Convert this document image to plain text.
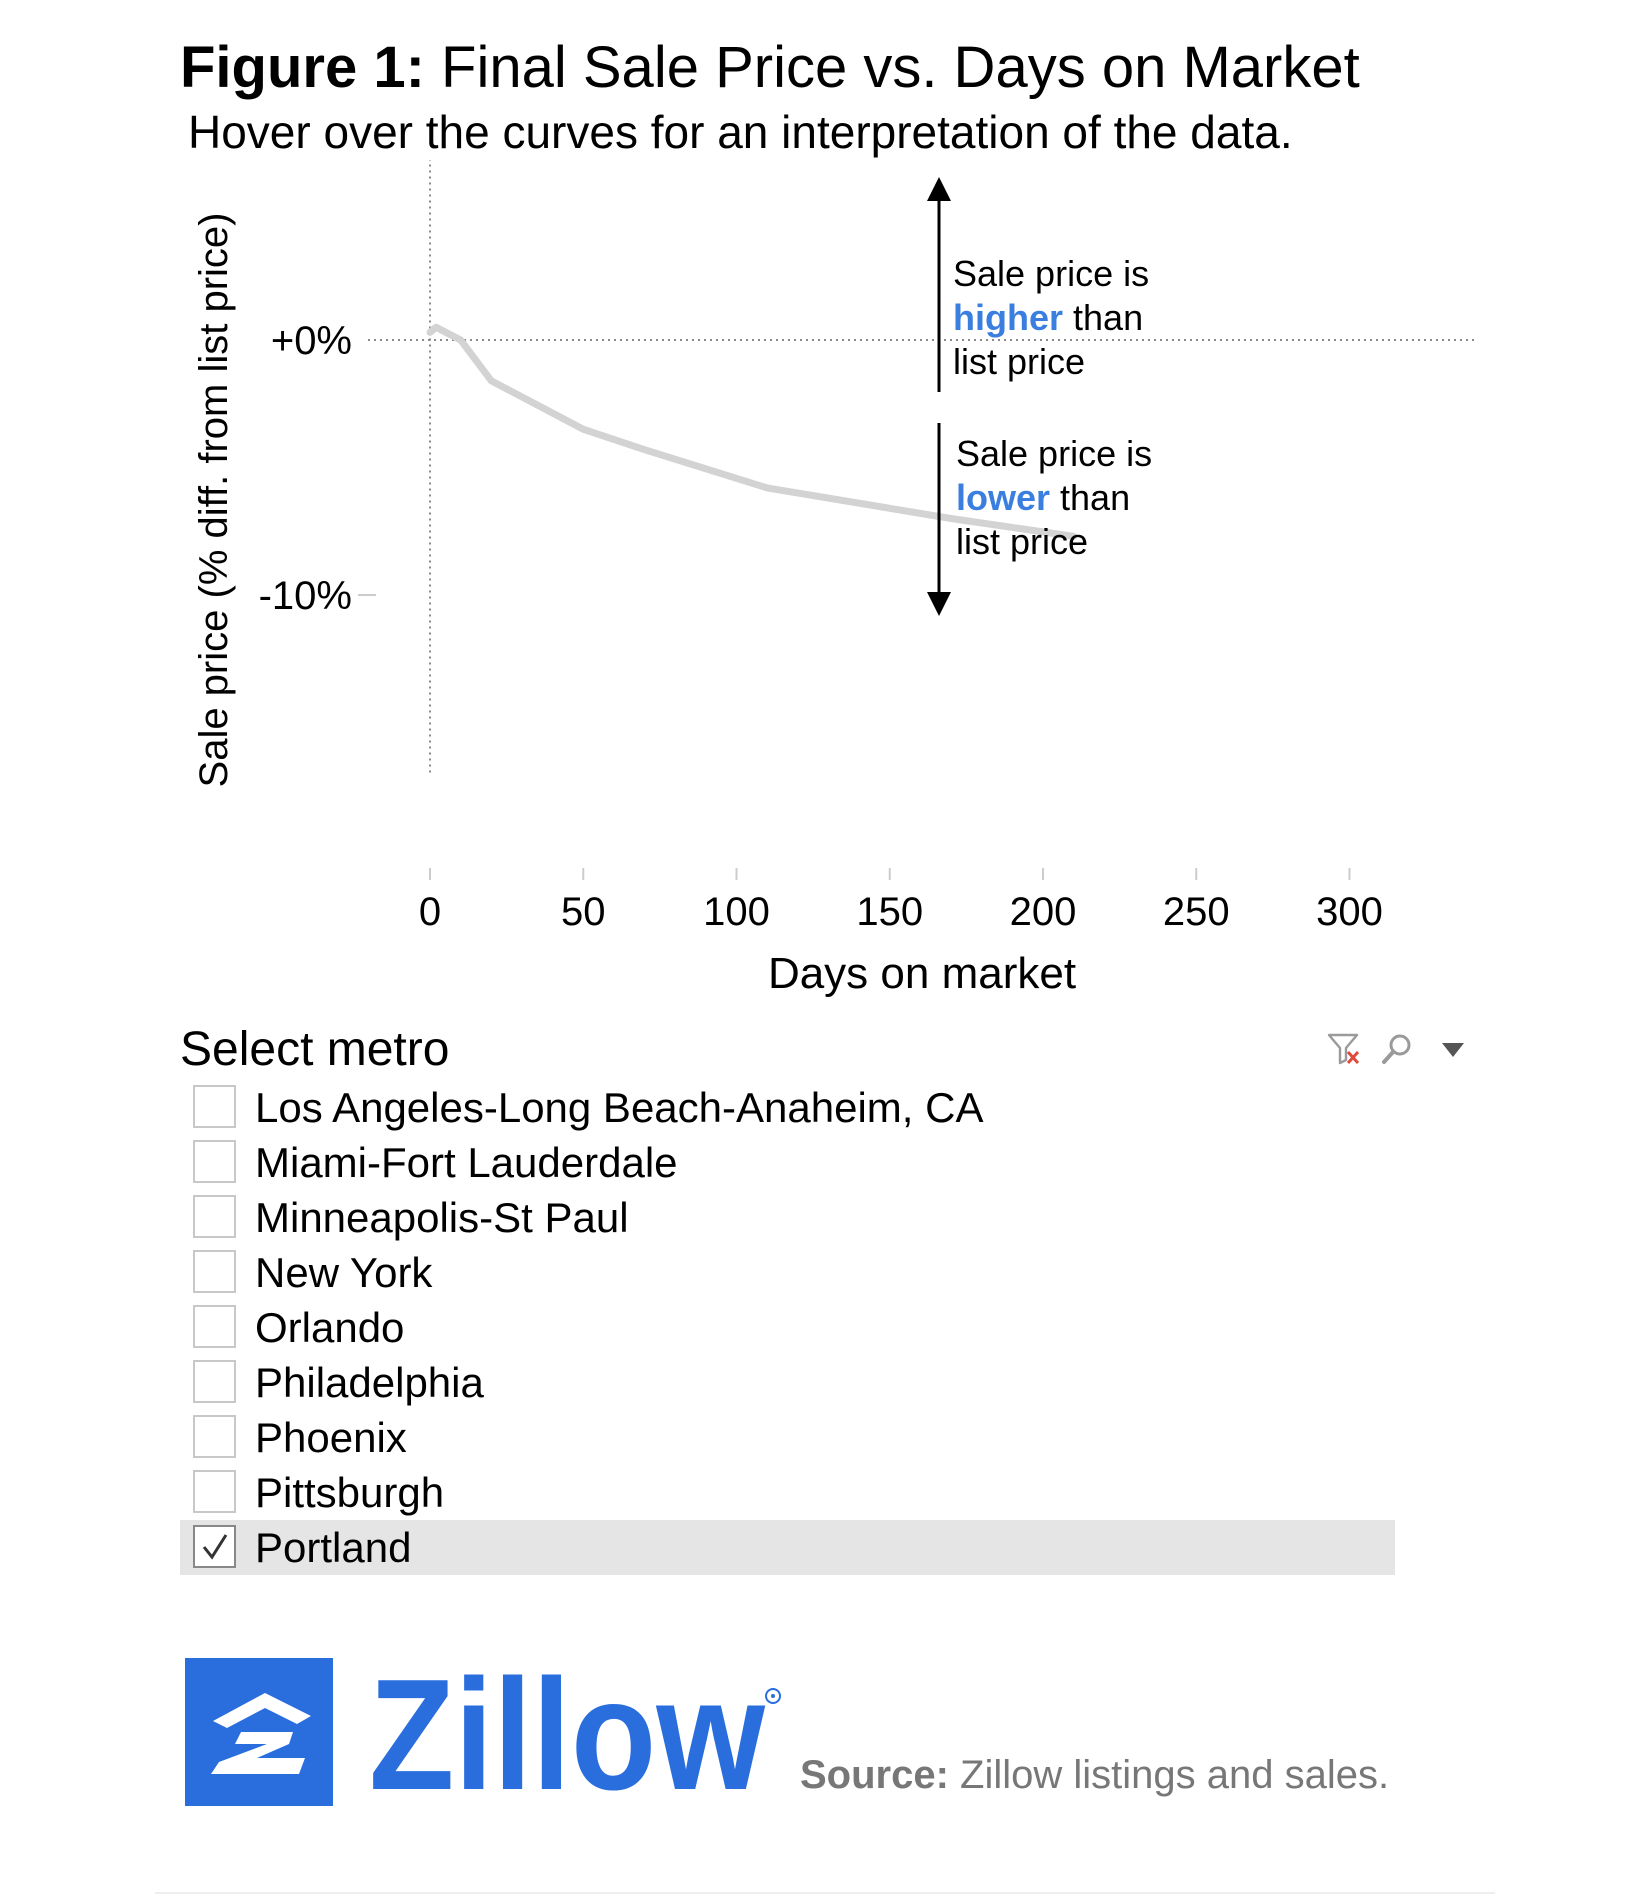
Figure 1: Final Sale Price vs. Days on Market
Hover over the curves for an interpretation of the data.
Sale price (% diff. from list price) +0%
-10%
0	50 100 150 200 250 300
Sale price is higher than list price
Sale price is lower than list price
Days on market
Select metro
Los Angeles-Long Beach-Anaheim, CA
Miami-Fort Lauderdale
Minneapolis-St Paul
New York
Orlando
Philadelphia
Phoenix
Pittsburgh
Portland
Zillow Source: Zillow listings and sales.
